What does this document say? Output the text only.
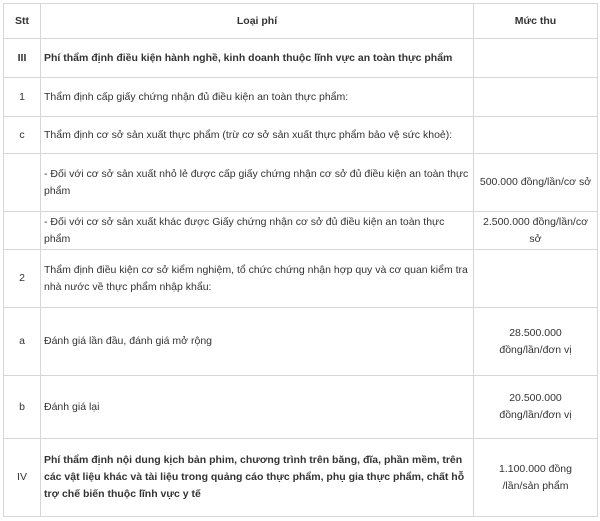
Stt	Loại phí	Mức thu
III	Phí thẩm định điều kiện hành nghề, kinh doanh thuộc lĩnh vực an toàn thực phẩm	
1	Thẩm định cấp giấy chứng nhận đủ điều kiện an toàn thực phẩm:	
c	Thẩm định cơ sở sản xuất thực phẩm (trừ cơ sở sản xuất thực phẩm bảo vệ sức khoẻ):	
	- Đối với cơ sở sản xuất nhỏ lẻ được cấp giấy chứng nhận cơ sở đủ điều kiện an toàn thực phẩm	500.000 đồng/lần/cơ sở

	- Đối với cơ sở sản xuất khác được Giấy chứng nhận cơ sở đủ điều kiện an toàn thực phẩm	2.500.000 đồng/lần/cơ sở

2	Thẩm định điều kiện cơ sở kiểm nghiệm, tổ chức chứng nhận hợp quy và cơ quan kiểm tra nhà nước về thực phẩm nhập khẩu:	
a	Đánh giá lần đầu, đánh giá mở rộng	28.500.000
đồng/lần/đơn vị

b	Đánh giá lại	20.500.000
đồng/lần/đơn vị

IV	Phí thẩm định nội dung kịch bản phim, chương trình trên băng, đĩa, phần mềm, trên các vật liệu khác và tài liệu trong quảng cáo thực phẩm, phụ gia thực phẩm, chất hỗ trợ chế biến thuộc lĩnh vực y tế	1.100.000 đồng
/lần/sản phẩm
